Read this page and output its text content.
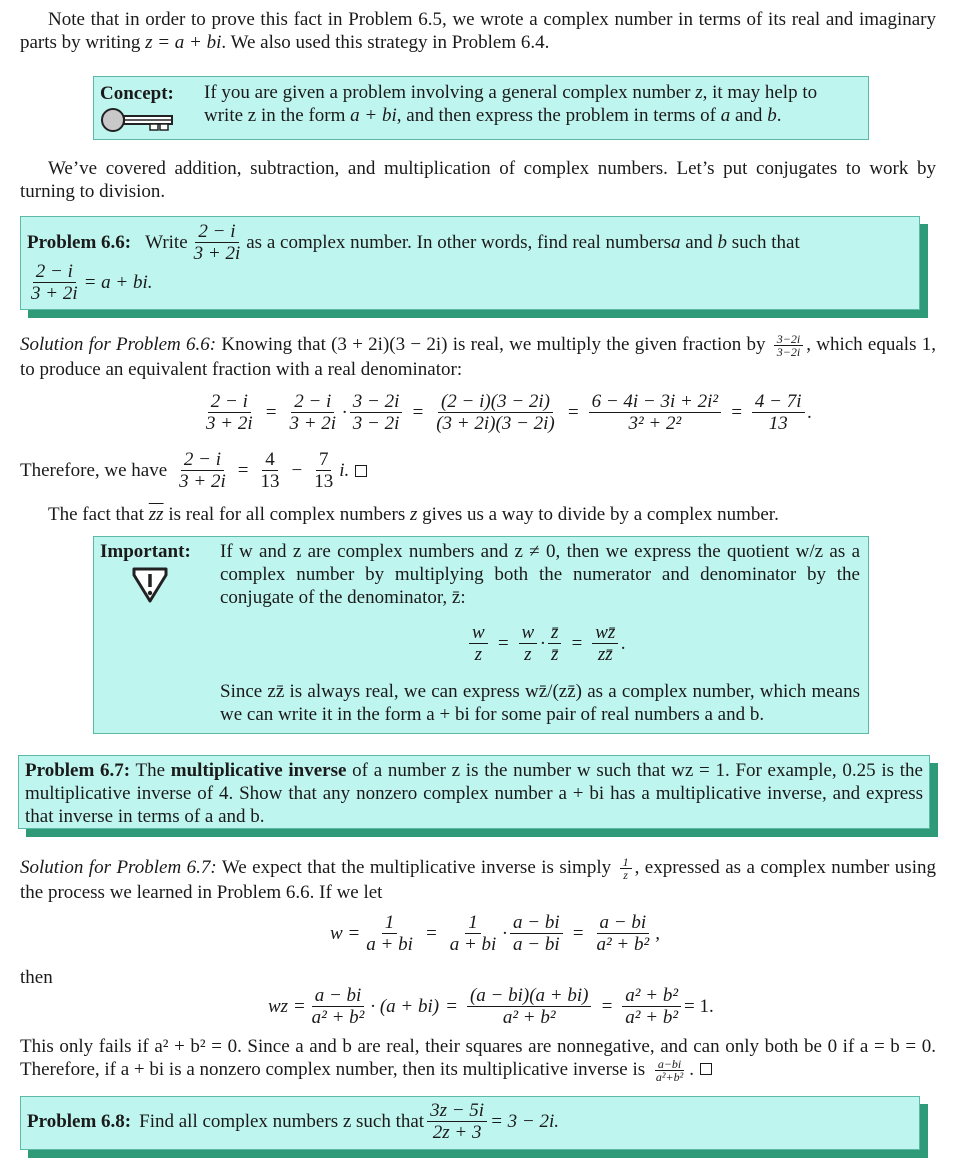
Note that in order to prove this fact in Problem 6.5, we wrote a complex number in terms of its real and imaginary parts by writing z = a + bi. We also used this strategy in Problem 6.4.
Concept: If you are given a problem involving a general complex number z, it may help to write z in the form a + bi, and then express the problem in terms of a and b.
We’ve covered addition, subtraction, and multiplication of complex numbers. Let’s put conjugates to work by turning to division.
Problem 6.6: Write $\frac{2 - i}{3 + 2i}$ as a complex number. In other words, find real numbers a and b such that
$\frac{2 - i}{3 + 2i} = a$ + bi.
Solution for Problem 6.6: Knowing that (3 + 2i)(3 − 2i) is real, we multiply the given fraction by $\frac{3-2i}{3-2i}$ , which equals 1, to produce an equivalent fraction with a real denominator:
$\frac{2 - i}{3 + 2i} = \frac{2 - i}{3 + 2i} \cdot \frac{3 - 2i}{3 - 2i} = \frac{(2 - i)(3 - 2i)}{(3 + 2i)(3 - 2i)} = \frac{\text{6 − 4i − 3i + 2i²}}{\text{3² + 2²}} = \frac{4 - 7i}{13}$ .
Therefore, we have $\frac{2 - i}{3 + 2i} = \frac{4}{13} - \frac{7}{13} i$.
The fact that $\overline{zz}$ is real for all complex numbers z gives us a way to divide by a complex number.
Important: If w and z are complex numbers and z ≠ 0, then we express the quotient w/z as a complex number by multiplying both the numerator and denominator by the conjugate of the denominator, z̄:
$\frac{w}{z} = \frac{w}{z} \cdot \frac{z̄}{z̄} = \frac{wz̄}{zz̄}$ .
Since zz̄ is always real, we can express wz̄/(zz̄) as a complex number, which means we can write it in the form a + bi for some pair of real numbers a and b.
Problem 6.7: The multiplicative inverse of a number z is the number w such that wz = 1. For example, 0.25 is the multiplicative inverse of 4. Show that any nonzero complex number a + bi has a multiplicative inverse, and express that inverse in terms of a and b.
Solution for Problem 6.7: We expect that the multiplicative inverse is simply $\frac{1}{z}$ , expressed as a complex number using the process we learned in Problem 6.6. If we let
$w = \frac{1}{a + bi} = \frac{1}{a + bi} \cdot \frac{a - bi}{a - bi} = \frac{a - bi}{\text{a² + b²}}$ ,
then
wz = $\frac{a - bi}{\text{a² + b²}} \cdot (a + bi) = \frac{(a - bi)(a + bi)}{\text{a² + b²}} = \frac{\text{a² + b²}}{\text{a² + b²}} = 1$.
This only fails if a² + b² = 0. Since a and b are real, their squares are nonnegative, and can only both be 0 if a = b = 0. Therefore, if a + bi is a nonzero complex number, then its multiplicative inverse is $\frac{a-bi}{\text{a²+b²}}$ .
Problem 6.8: Find all complex numbers z such that $\frac{3z - 5i}{2z + 3} = 3 - 2i$.
